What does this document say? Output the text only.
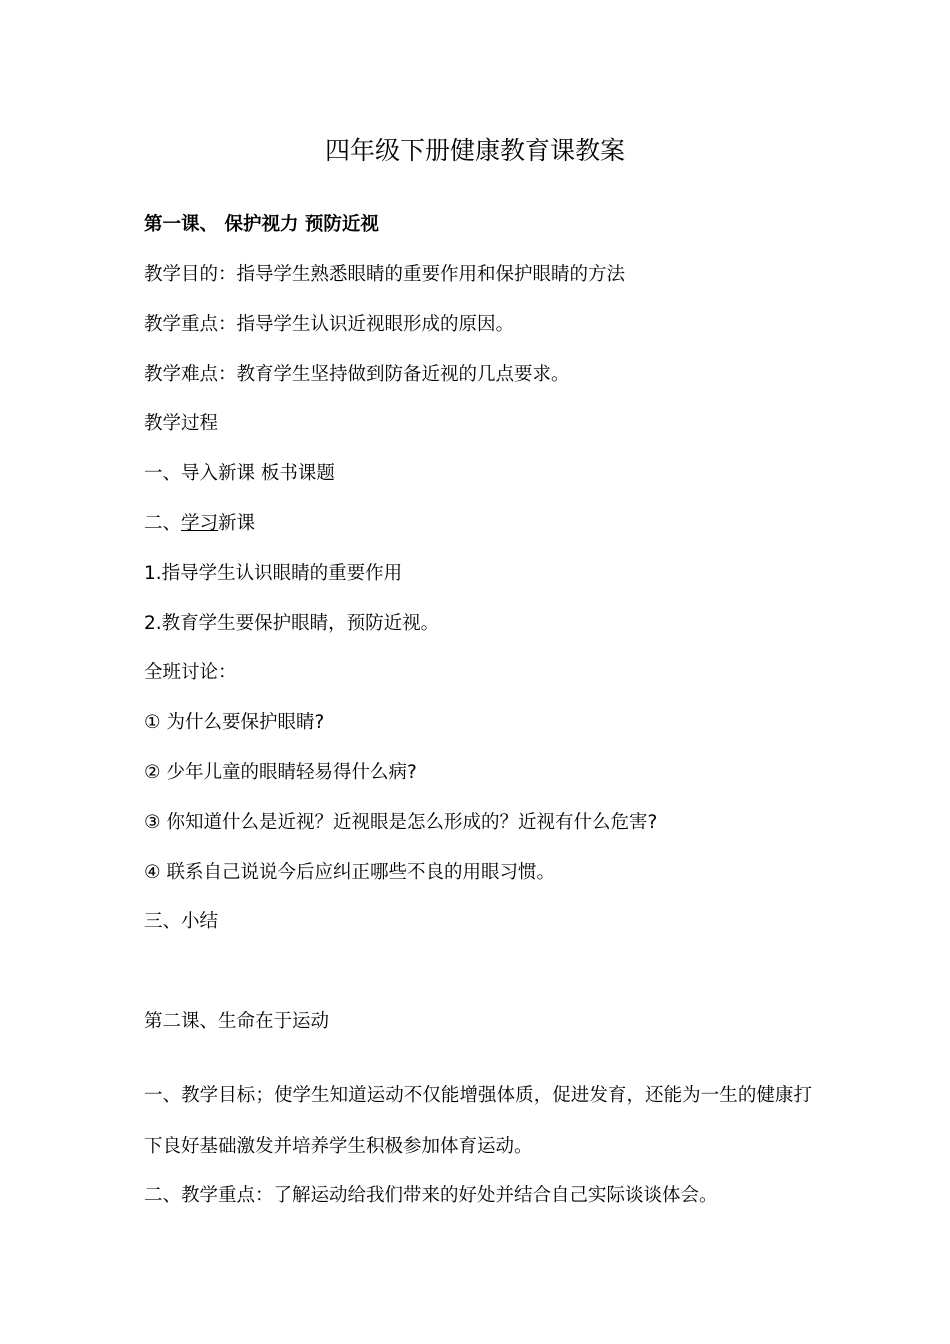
四年级下册健康教育课教案

第一课、 保护视力 预防近视

教学目的：指导学生熟悉眼睛的重要作用和保护眼睛的方法

教学重点：指导学生认识近视眼形成的原因。

教学难点：教育学生坚持做到防备近视的几点要求。

教学过程

一、导入新课 板书课题

二、学习新课

1.指导学生认识眼睛的重要作用

2.教育学生要保护眼睛，预防近视。

全班讨论：

① 为什么要保护眼睛?

② 少年儿童的眼睛轻易得什么病?

③ 你知道什么是近视？近视眼是怎么形成的？近视有什么危害?

④ 联系自己说说今后应纠正哪些不良的用眼习惯。

三、小结

第二课、生命在于运动

一、教学目标；使学生知道运动不仅能增强体质，促进发育，还能为一生的健康打

下良好基础激发并培养学生积极参加体育运动。

二、教学重点：了解运动给我们带来的好处并结合自己实际谈谈体会。
